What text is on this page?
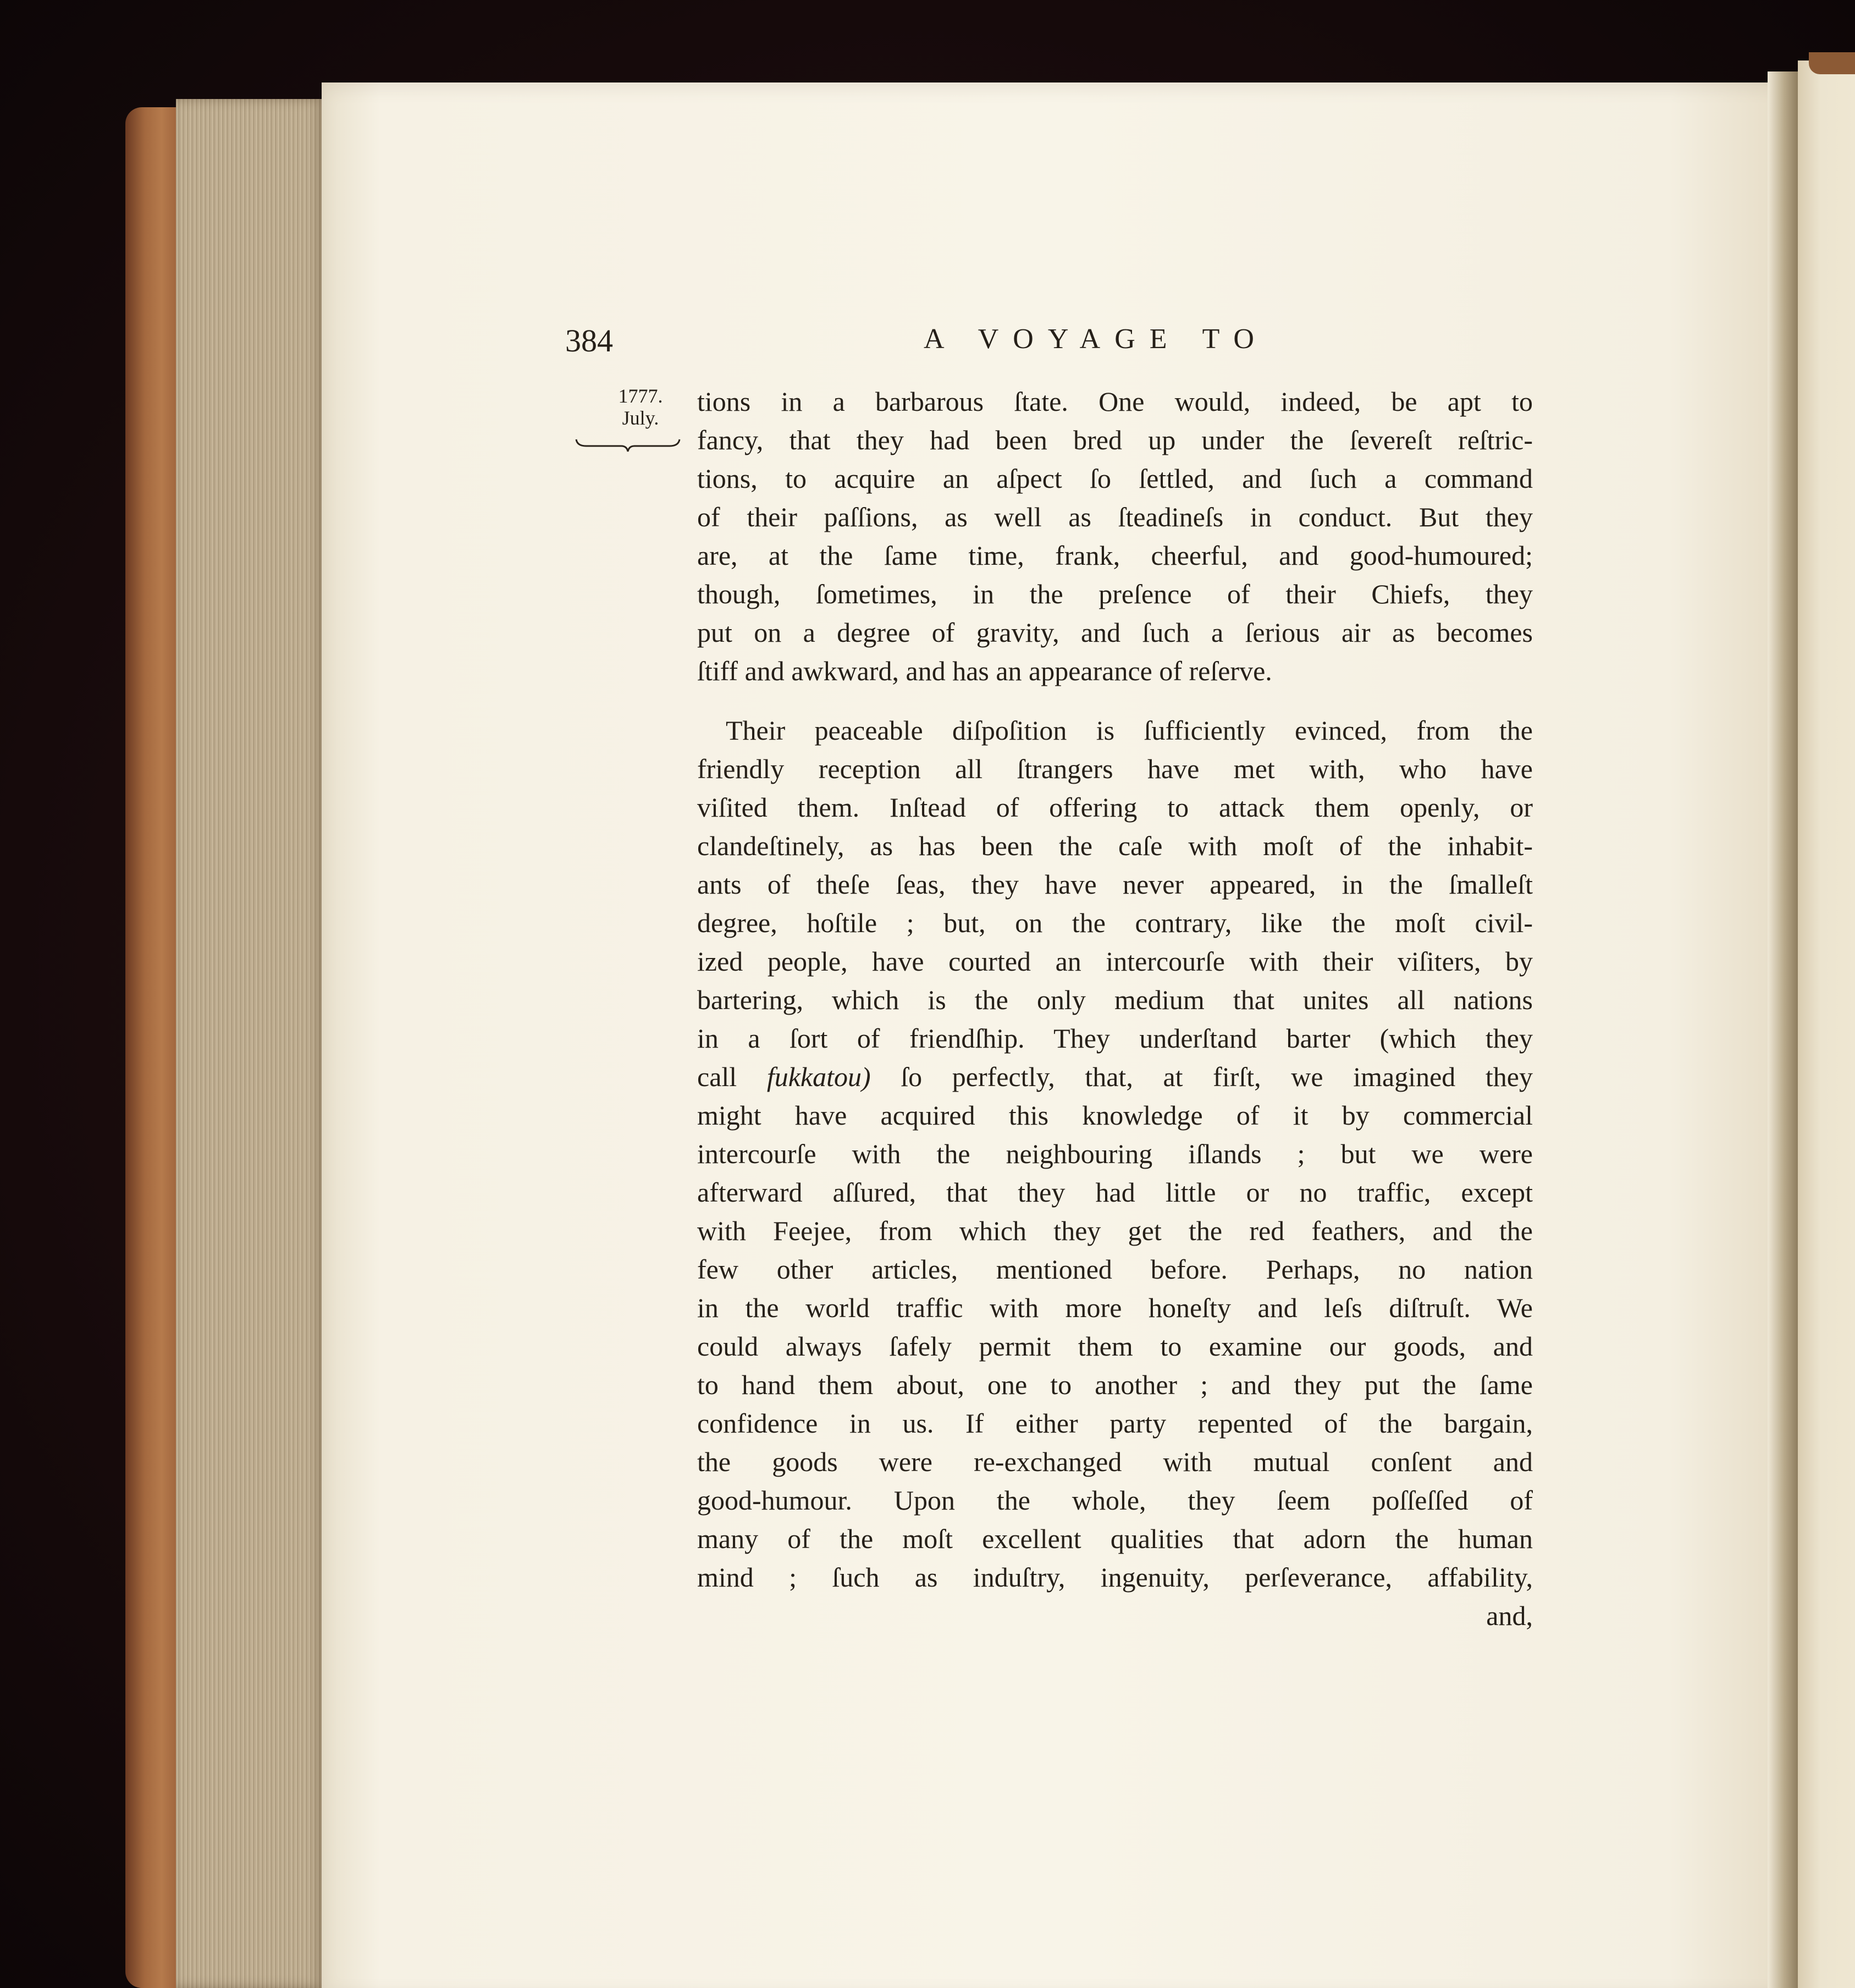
384	A VOYAGE TO
1777.
July.
tions in a barbarous ſtate. One would, indeed, be apt to
fancy, that they had been bred up under the ſevereſt reſtric-
tions, to acquire an aſpect ſo ſettled, and ſuch a command
of their paſſions, as well as ſteadineſs in conduct. But they
are, at the ſame time, frank, cheerful, and good-humoured;
though, ſometimes, in the preſence of their Chiefs, they
put on a degree of gravity, and ſuch a ſerious air as becomes
ſtiff and awkward, and has an appearance of reſerve.
Their peaceable diſpoſition is ſufficiently evinced, from the
friendly reception all ſtrangers have met with, who have
viſited them. Inſtead of offering to attack them openly, or
clandeſtinely, as has been the caſe with moſt of the inhabit-
ants of theſe ſeas, they have never appeared, in the ſmalleſt
degree, hoſtile ; but, on the contrary, like the moſt civil-
ized people, have courted an intercourſe with their viſiters, by
bartering, which is the only medium that unites all nations
in a ſort of friendſhip. They underſtand barter (which they
call fukkatou) ſo perfectly, that, at firſt, we imagined they
might have acquired this knowledge of it by commercial
intercourſe with the neighbouring iſlands ; but we were
afterward aſſured, that they had little or no traffic, except
with Feejee, from which they get the red feathers, and the
few other articles, mentioned before. Perhaps, no nation
in the world traffic with more honeſty and leſs diſtruſt. We
could always ſafely permit them to examine our goods, and
to hand them about, one to another ; and they put the ſame
confidence in us. If either party repented of the bargain,
the goods were re-exchanged with mutual conſent and
good-humour. Upon the whole, they ſeem poſſeſſed of
many of the moſt excellent qualities that adorn the human
mind ; ſuch as induſtry, ingenuity, perſeverance, affability,
and,
